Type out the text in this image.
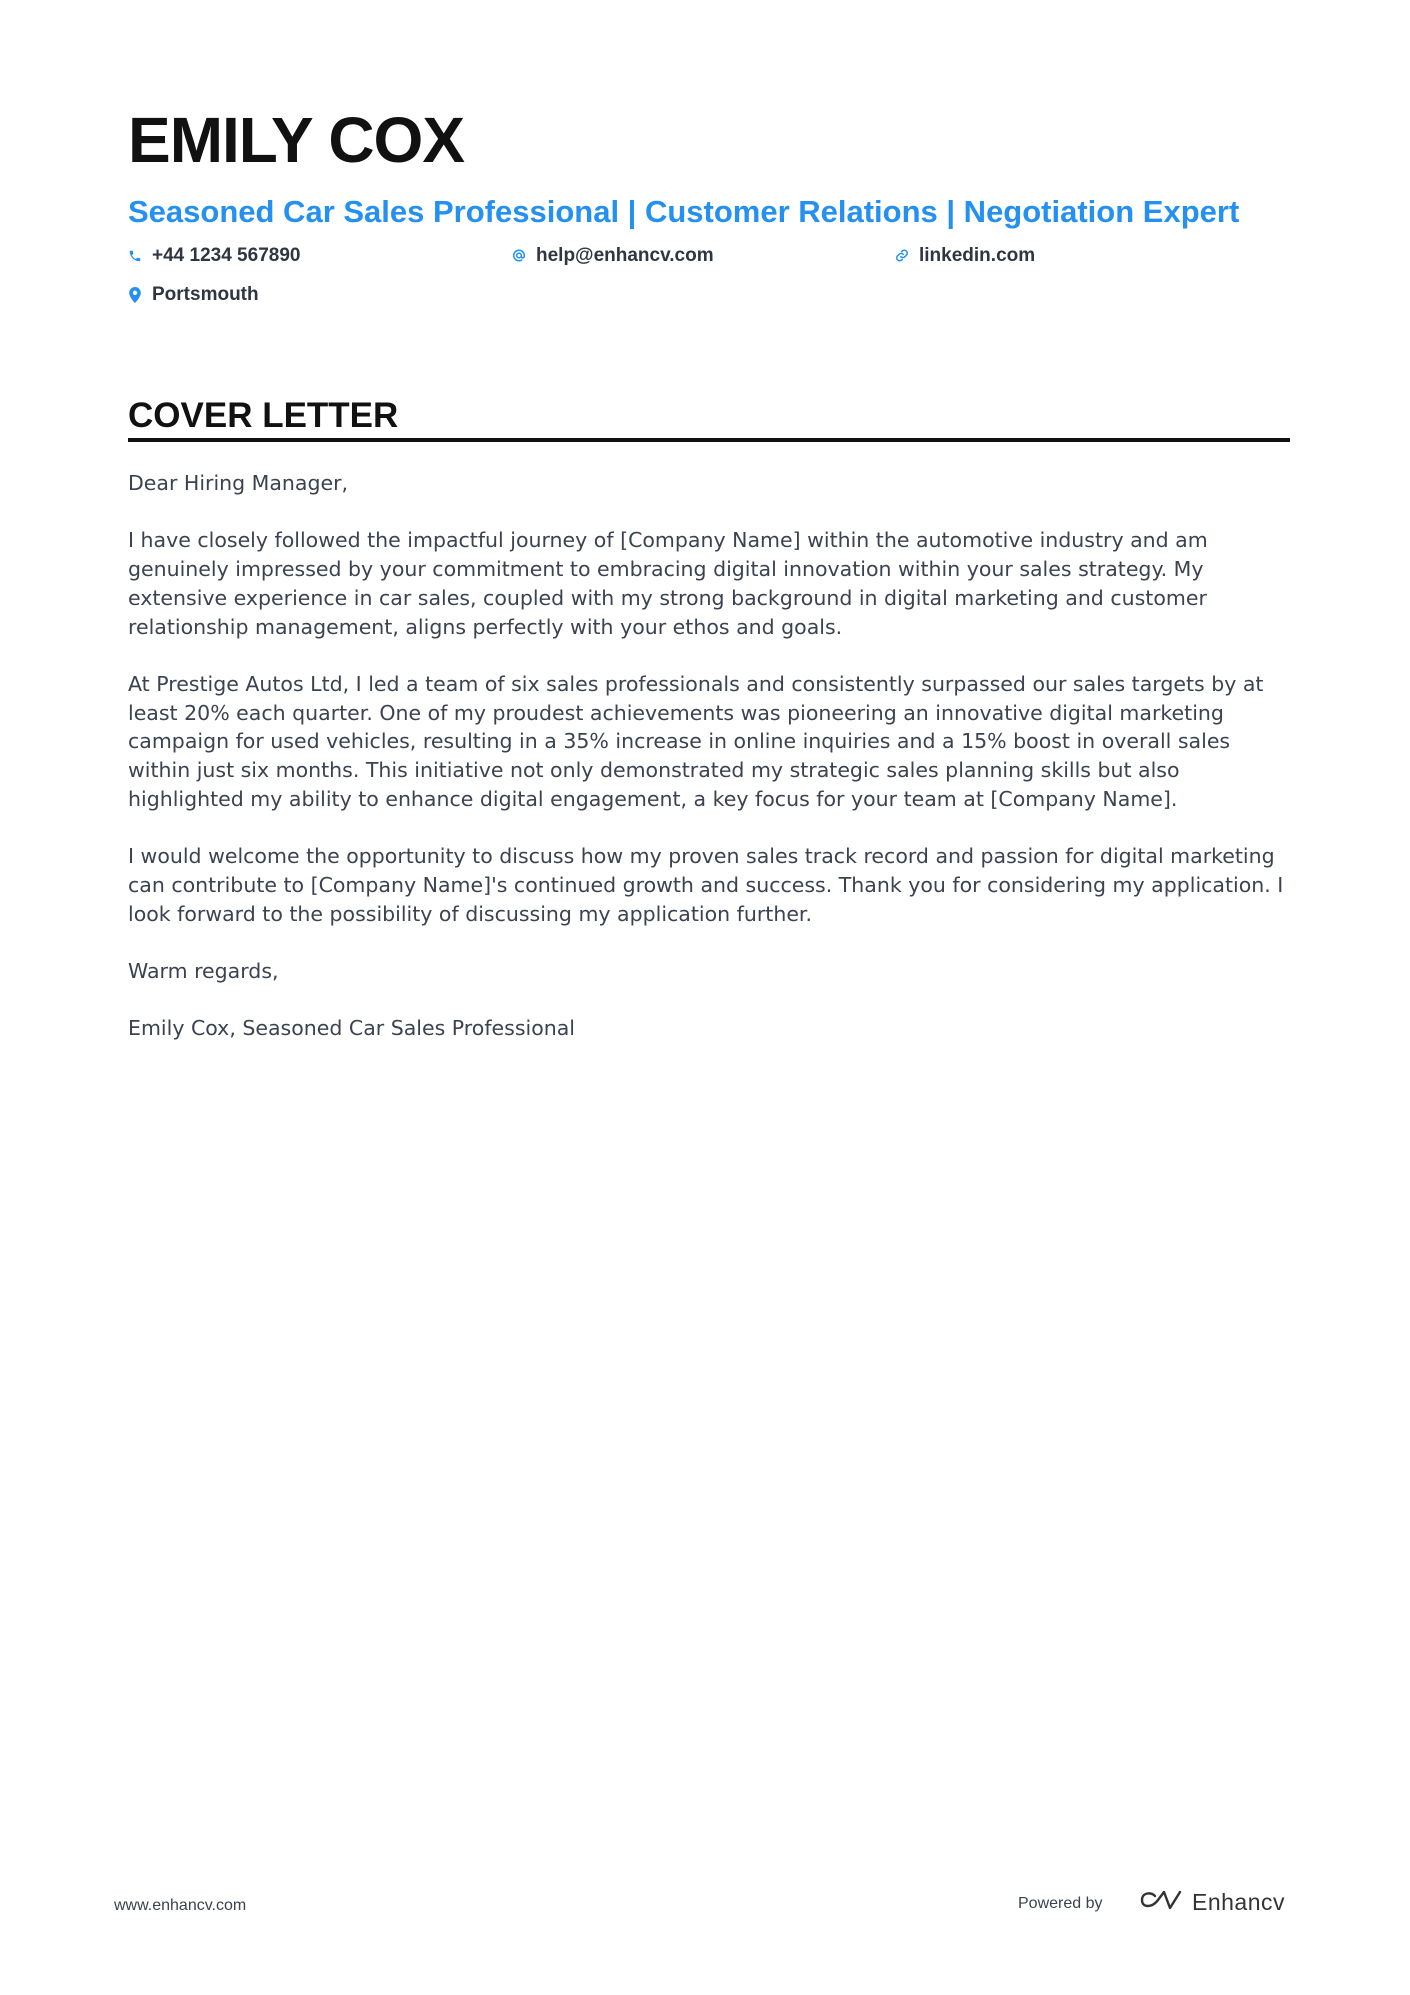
EMILY COX
Seasoned Car Sales Professional | Customer Relations | Negotiation Expert
+44 1234 567890	help@enhancv.com	linkedin.com
Portsmouth
COVER LETTER

Dear Hiring Manager,

I have closely followed the impactful journey of [Company Name] within the automotive industry and am genuinely impressed by your commitment to embracing digital innovation within your sales strategy. My extensive experience in car sales, coupled with my strong background in digital marketing and customer relationship management, aligns perfectly with your ethos and goals.

At Prestige Autos Ltd, I led a team of six sales professionals and consistently surpassed our sales targets by at least 20% each quarter. One of my proudest achievements was pioneering an innovative digital marketing campaign for used vehicles, resulting in a 35% increase in online inquiries and a 15% boost in overall sales within just six months. This initiative not only demonstrated my strategic sales planning skills but also highlighted my ability to enhance digital engagement, a key focus for your team at [Company Name].

I would welcome the opportunity to discuss how my proven sales track record and passion for digital marketing can contribute to [Company Name]'s continued growth and success. Thank you for considering my application. I look forward to the possibility of discussing my application further.

Warm regards,

Emily Cox, Seasoned Car Sales Professional

www.enhancv.com	Powered by	Enhancv
